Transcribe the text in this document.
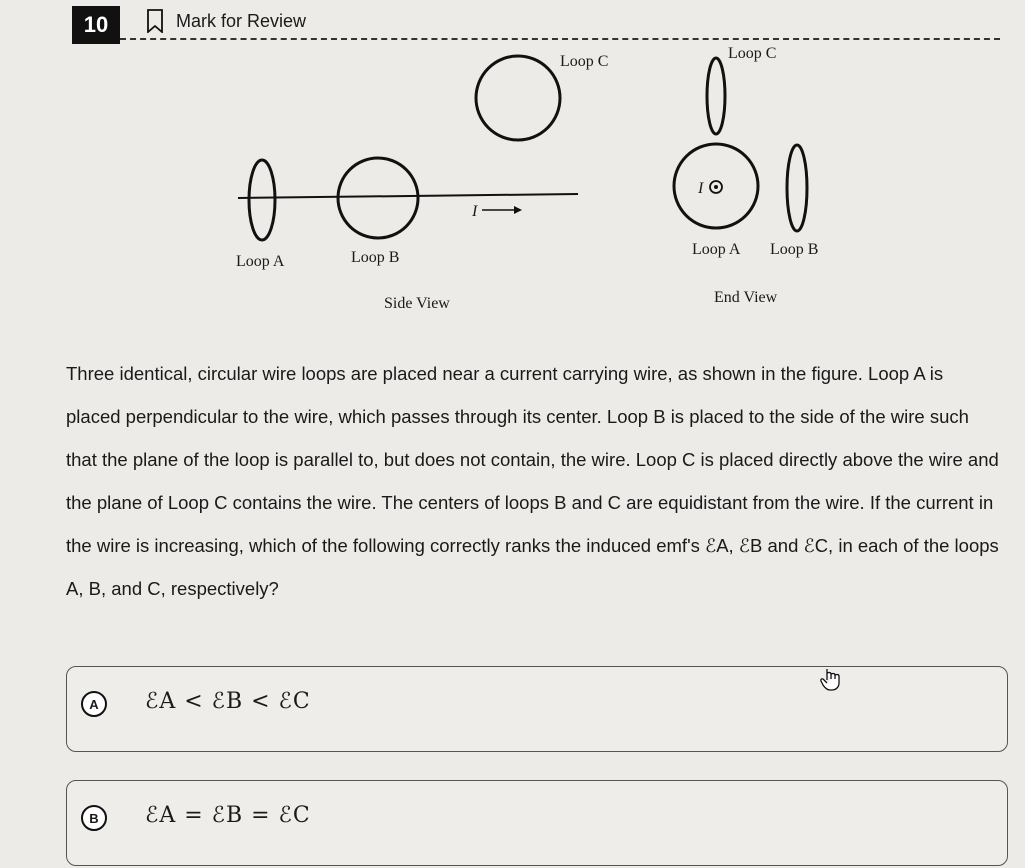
10	Mark for Review
I
Loop C
Loop A	Loop B
Side View
I
Loop C
Loop A Loop B
End View
Three identical, circular wire loops are placed near a current carrying wire, as shown in the figure. Loop A is placed perpendicular to the wire, which passes through its center. Loop B is placed to the side of the wire such that the plane of the loop is parallel to, but does not contain, the wire. Loop C is placed directly above the wire and the plane of Loop C contains the wire. The centers of loops B and C are equidistant from the wire. If the current in the wire is increasing, which of the following correctly ranks the induced emf's ℰA, ℰB and ℰC, in each of the loops A, B, and C, respectively?
A	ℰA < ℰB < ℰC
B	ℰA = ℰB = ℰC
